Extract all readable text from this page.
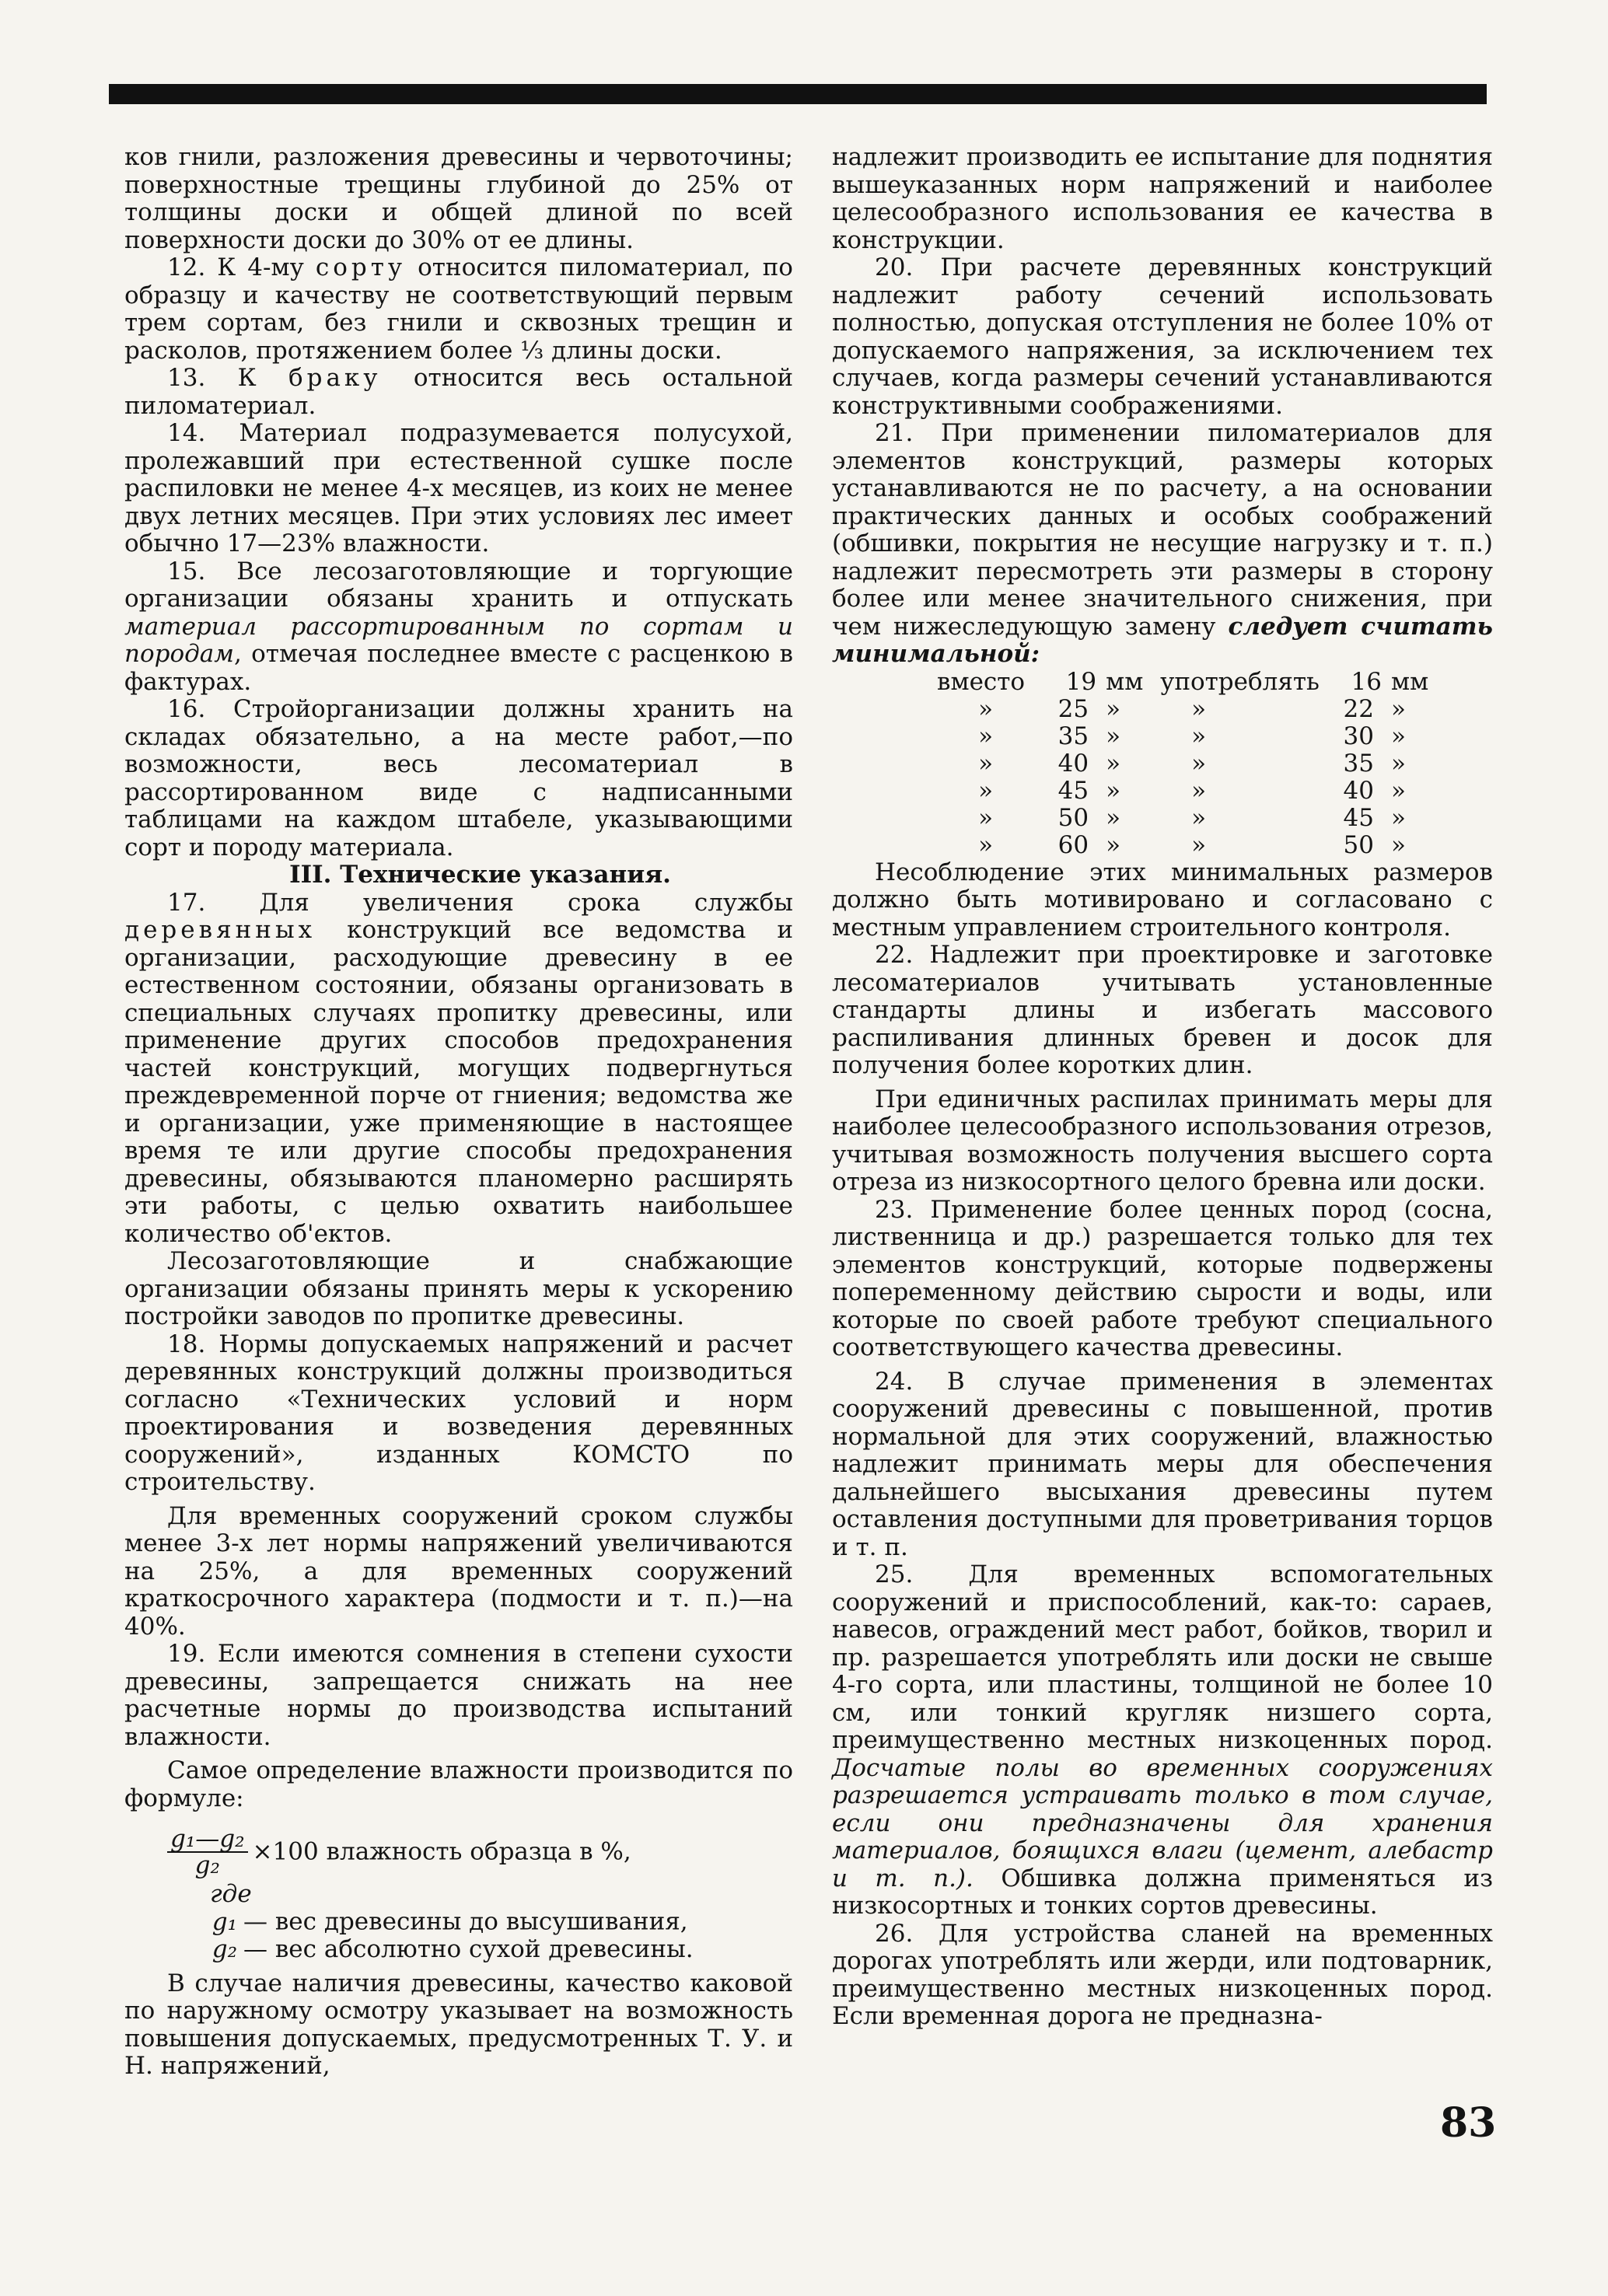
ков гнили, разложения древесины и червоточины; поверхностные трещины глубиной до 25% от толщины доски и общей длиной по всей поверхности доски до 30% от ее длины.

12. К 4-му сорту относится пиломатериал, по образцу и качеству не соответствующий первым трем сортам, без гнили и сквозных трещин и расколов, протяжением более ⅓ длины доски.

13. К браку относится весь остальной пиломатериал.

14. Материал подразумевается полусухой, пролежавший при естественной сушке после распиловки не менее 4-х месяцев, из коих не менее двух летних месяцев. При этих условиях лес имеет обычно 17—23% влажности.

15. Все лесозаготовляющие и торгующие организации обязаны хранить и отпускать материал рассортированным по сортам и породам, отмечая последнее вместе с расценкою в фактурах.

16. Стройорганизации должны хранить на складах обязательно, а на месте работ,—по возможности, весь лесоматериал в рассортированном виде с надписанными таблицами на каждом штабеле, указывающими сорт и породу материала.

III. Технические указания.

17. Для увеличения срока службы деревянных конструкций все ведомства и организации, расходующие древесину в ее естественном состоянии, обязаны организовать в специальных случаях пропитку древесины, или применение других способов предохранения частей конструкций, могущих подвергнуться преждевременной порче от гниения; ведомства же и организации, уже применяющие в настоящее время те или другие способы предохранения древесины, обязываются планомерно расширять эти работы, с целью охватить наибольшее количество об'ектов.

Лесозаготовляющие и снабжающие организации обязаны принять меры к ускорению постройки заводов по пропитке древесины.

18. Нормы допускаемых напряжений и расчет деревянных конструкций должны производиться согласно «Технических условий и норм проектирования и возведения деревянных сооружений», изданных КОМСТО по строительству.

Для временных сооружений сроком службы менее 3-х лет нормы напряжений увеличиваются на 25%, а для временных сооружений краткосрочного характера (подмости и т. п.)—на 40%.

19. Если имеются сомнения в степени сухости древесины, запрещается снижать на нее расчетные нормы до производства испытаний влажности.

Самое определение влажности производится по формуле:

$\frac{\text{g₁—g₂}}{\text{g₂}} \times 100$ влажность образца в %,

где g₁ — вес древесины до высушивания,

g₂ — вес абсолютно сухой древесины.

В случае наличия древесины, качество каковой по наружному осмотру указывает на возможность повышения допускаемых, предусмотренных Т. У. и Н. напряжений,

надлежит производить ее испытание для поднятия вышеуказанных норм напряжений и наиболее целесообразного использования ее качества в конструкции.

20. При расчете деревянных конструкций надлежит работу сечений использовать полностью, допуская отступления не более 10% от допускаемого напряжения, за исключением тех случаев, когда размеры сечений устанавливаются конструктивными соображениями.

21. При применении пиломатериалов для элементов конструкций, размеры которых устанавливаются не по расчету, а на основании практических данных и особых соображений (обшивки, покрытия не несущие нагрузку и т. п.) надлежит пересмотреть эти размеры в сторону более или менее значительного снижения, при чем нижеследующую замену следует считать минимальной:

вместо	19	мм	употреблять	16	мм
»	25	»	»	22	»
»	35	»	»	30	»
»	40	»	»	35	»
»	45	»	»	40	»
»	50	»	»	45	»
»	60	»	»	50	»

Несоблюдение этих минимальных размеров должно быть мотивировано и согласовано с местным управлением строительного контроля.

22. Надлежит при проектировке и заготовке лесоматериалов учитывать установленные стандарты длины и избегать массового распиливания длинных бревен и досок для получения более коротких длин.

При единичных распилах принимать меры для наиболее целесообразного использования отрезов, учитывая возможность получения высшего сорта отреза из низкосортного целого бревна или доски.

23. Применение более ценных пород (сосна, лиственница и др.) разрешается только для тех элементов конструкций, которые подвержены попеременному действию сырости и воды, или которые по своей работе требуют специального соответствующего качества древесины.

24. В случае применения в элементах сооружений древесины с повышенной, против нормальной для этих сооружений, влажностью надлежит принимать меры для обеспечения дальнейшего высыхания древесины путем оставления доступными для проветривания торцов и т. п.

25. Для временных вспомогательных сооружений и приспособлений, как-то: сараев, навесов, ограждений мест работ, бойков, творил и пр. разрешается употреблять или доски не свыше 4-го сорта, или пластины, толщиной не более 10 см, или тонкий кругляк низшего сорта, преимущественно местных низкоценных пород. Досчатые полы во временных сооружениях разрешается устраивать только в том случае, если они предназначены для хранения материалов, боящихся влаги (цемент, алебастр и т. п.). Обшивка должна применяться из низкосортных и тонких сортов древесины.

26. Для устройства сланей на временных дорогах употреблять или жерди, или подтоварник, преимущественно местных низкоценных пород. Если временная дорога не предназна-

83
